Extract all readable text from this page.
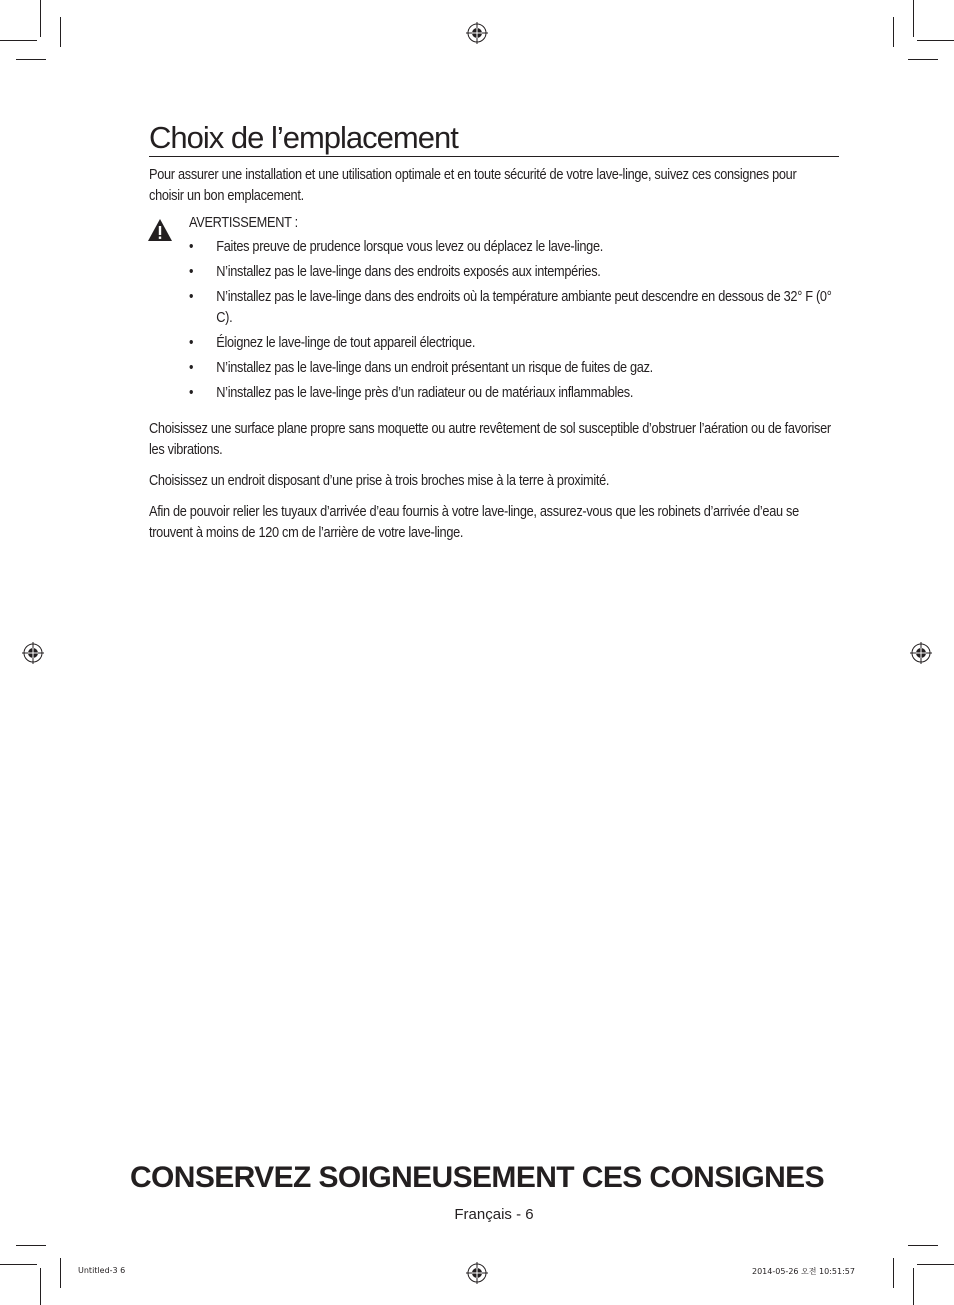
Choix de l’emplacement

Pour assurer une installation et une utilisation optimale et en toute sécurité de votre lave-linge, suivez ces consignes pour choisir un bon emplacement.

AVERTISSEMENT :

• Faites preuve de prudence lorsque vous levez ou déplacez le lave-linge.
• N’installez pas le lave-linge dans des endroits exposés aux intempéries.
• N’installez pas le lave-linge dans des endroits où la température ambiante peut descendre en dessous de 32° F (0° C).
• Éloignez le lave-linge de tout appareil électrique.
• N’installez pas le lave-linge dans un endroit présentant un risque de fuites de gaz.
• N’installez pas le lave-linge près d’un radiateur ou de matériaux inflammables.

Choisissez une surface plane propre sans moquette ou autre revêtement de sol susceptible d’obstruer l’aération ou de favoriser les vibrations.

Choisissez un endroit disposant d’une prise à trois broches mise à la terre à proximité.

Afin de pouvoir relier les tuyaux d’arrivée d’eau fournis à votre lave-linge, assurez-vous que les robinets d’arrivée d’eau se trouvent à moins de 120 cm de l’arrière de votre lave-linge.

CONSERVEZ SOIGNEUSEMENT CES CONSIGNES

Français - 6

Untitled-3 6	2014-05-26 오전 10:51:57
